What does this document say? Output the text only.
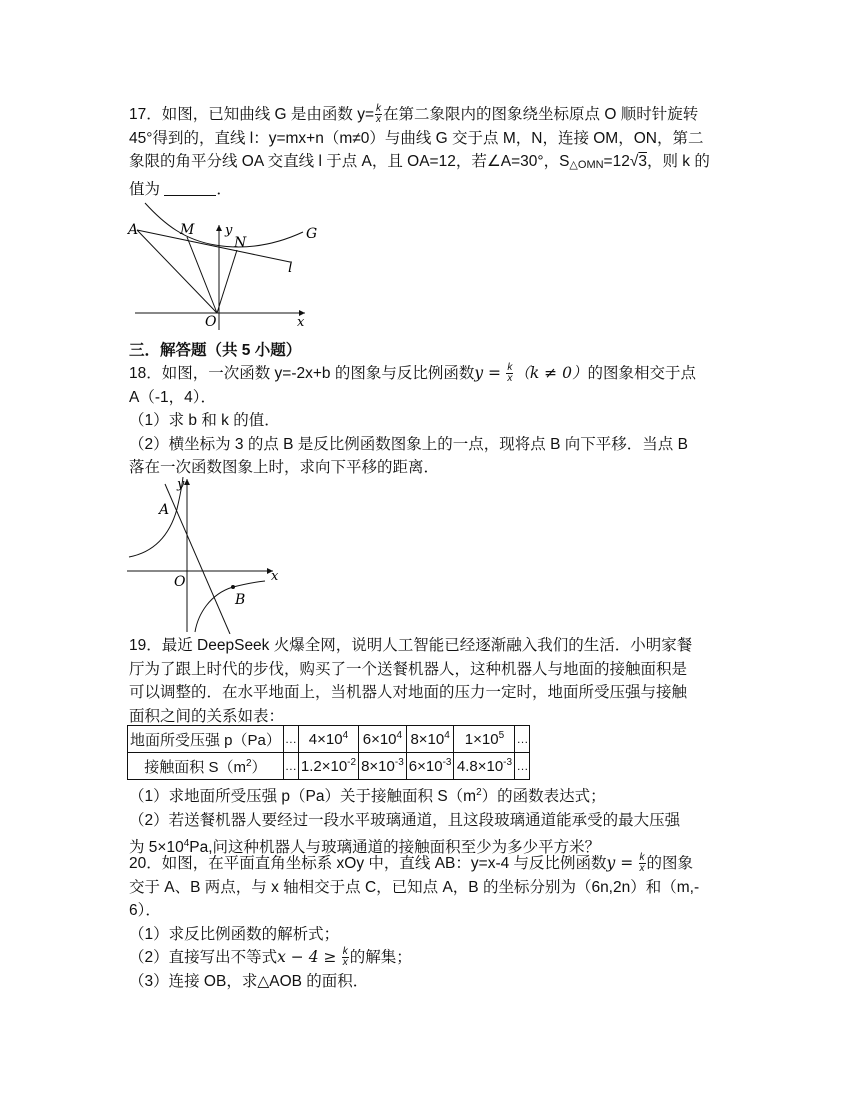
17．如图，已知曲线 G 是由函数 $y= \frac{k}{x}$ 在第二象限内的图象绕坐标原点 O 顺时针旋转
45°得到的，直线 l：y=mx+n（m≠0）与曲线 G 交于点 M，N，连接 OM，ON，第二
象限的角平分线 OA 交直线 l 于点 A，且 OA=12，若∠A=30°，S△OMN=12√3，则 k 的
值为	．
A	M
N
y	G
l
O	x
三．解答题（共 5 小题）
18．如图，一次函数 y=-2x+b 的图象与反比例函数$y = \frac{k}{x} (k \ne 0)$的图象相交于点
A（-1，4）．
（1）求 b 和 k 的值．
（2）横坐标为 3 的点 B 是反比例函数图象上的一点，现将点 B 向下平移．当点 B
落在一次函数图象上时，求向下平移的距离．
y
A
O	x
B
19．最近 DeepSeek 火爆全网，说明人工智能已经逐渐融入我们的生活．小明家餐
厅为了跟上时代的步伐，购买了一个送餐机器人，这种机器人与地面的接触面积是
可以调整的．在水平地面上，当机器人对地面的压力一定时，地面所受压强与接触
面积之间的关系如表：
地面所受压强 p（Pa）	…	$4\times 10^4$	$6\times 10^4$	$8\times 10^4$	$1\times 10^5$	…
接触面积 $S(m^2)$	…	$1.2\times 10^{-2}$	$8\times 10^{-3}$	$6\times 10^{-3}$	$4.8\times 10^{-3}$	…
（1）求地面所受压强 p（Pa）关于接触面积 $S(m^2)$的函数表达式；
（2）若送餐机器人要经过一段水平玻璃通道，且这段玻璃通道能承受的最大压强
为 $5\times 10^4Pa$,问这种机器人与玻璃通道的接触面积至少为多少平方米？
20．如图，在平面直角坐标系 xOy 中，直线 AB：y=x-4 与反比例函数$y = \frac{k}{x}$ 的图象
交于 A、B 两点，与 x 轴相交于点 C，已知点 A，B 的坐标分别为（6n,2n）和（m,-
6）．
（1）求反比例函数的解析式；
（2）直接写出不等式$x - 4 \ge \frac{k}{x}$ 的解集；
（3）连接 OB，求△AOB 的面积．
